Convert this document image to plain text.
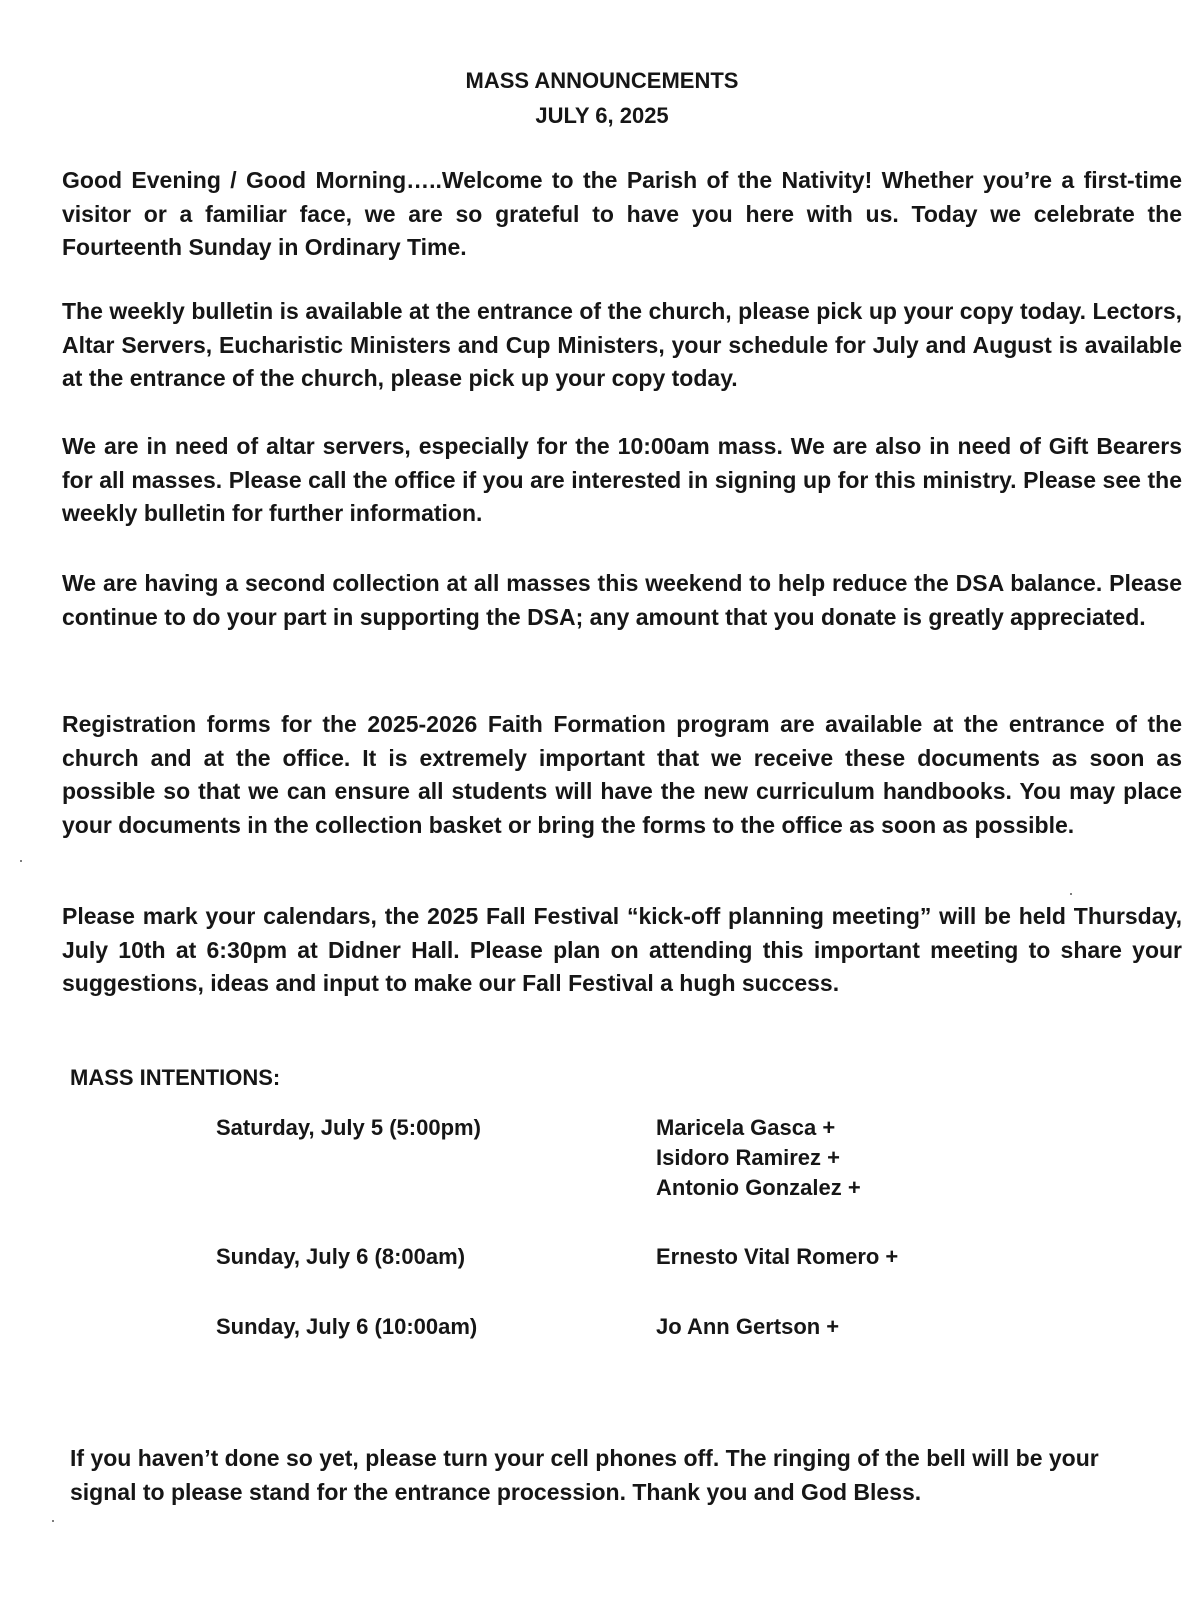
MASS ANNOUNCEMENTS
JULY 6, 2025

Good Evening / Good Morning…..Welcome to the Parish of the Nativity! Whether you’re a first-time visitor or a familiar face, we are so grateful to have you here with us. Today we celebrate the Fourteenth Sunday in Ordinary Time.

The weekly bulletin is available at the entrance of the church, please pick up your copy today. Lectors, Altar Servers, Eucharistic Ministers and Cup Ministers, your schedule for July and August is available at the entrance of the church, please pick up your copy today.

We are in need of altar servers, especially for the 10:00am mass. We are also in need of Gift Bearers for all masses. Please call the office if you are interested in signing up for this ministry. Please see the weekly bulletin for further information.

We are having a second collection at all masses this weekend to help reduce the DSA balance. Please continue to do your part in supporting the DSA; any amount that you donate is greatly appreciated.

Registration forms for the 2025-2026 Faith Formation program are available at the entrance of the church and at the office. It is extremely important that we receive these documents as soon as possible so that we can ensure all students will have the new curriculum handbooks. You may place your documents in the collection basket or bring the forms to the office as soon as possible.

Please mark your calendars, the 2025 Fall Festival “kick-off planning meeting” will be held Thursday, July 10th at 6:30pm at Didner Hall. Please plan on attending this important meeting to share your suggestions, ideas and input to make our Fall Festival a hugh success.

MASS INTENTIONS:
Saturday, July 5 (5:00pm)	Maricela Gasca +
Isidoro Ramirez +
Antonio Gonzalez +
Sunday, July 6 (8:00am)	Ernesto Vital Romero +
Sunday, July 6 (10:00am)	Jo Ann Gertson +

If you haven’t done so yet, please turn your cell phones off. The ringing of the bell will be your signal to please stand for the entrance procession. Thank you and God Bless.
